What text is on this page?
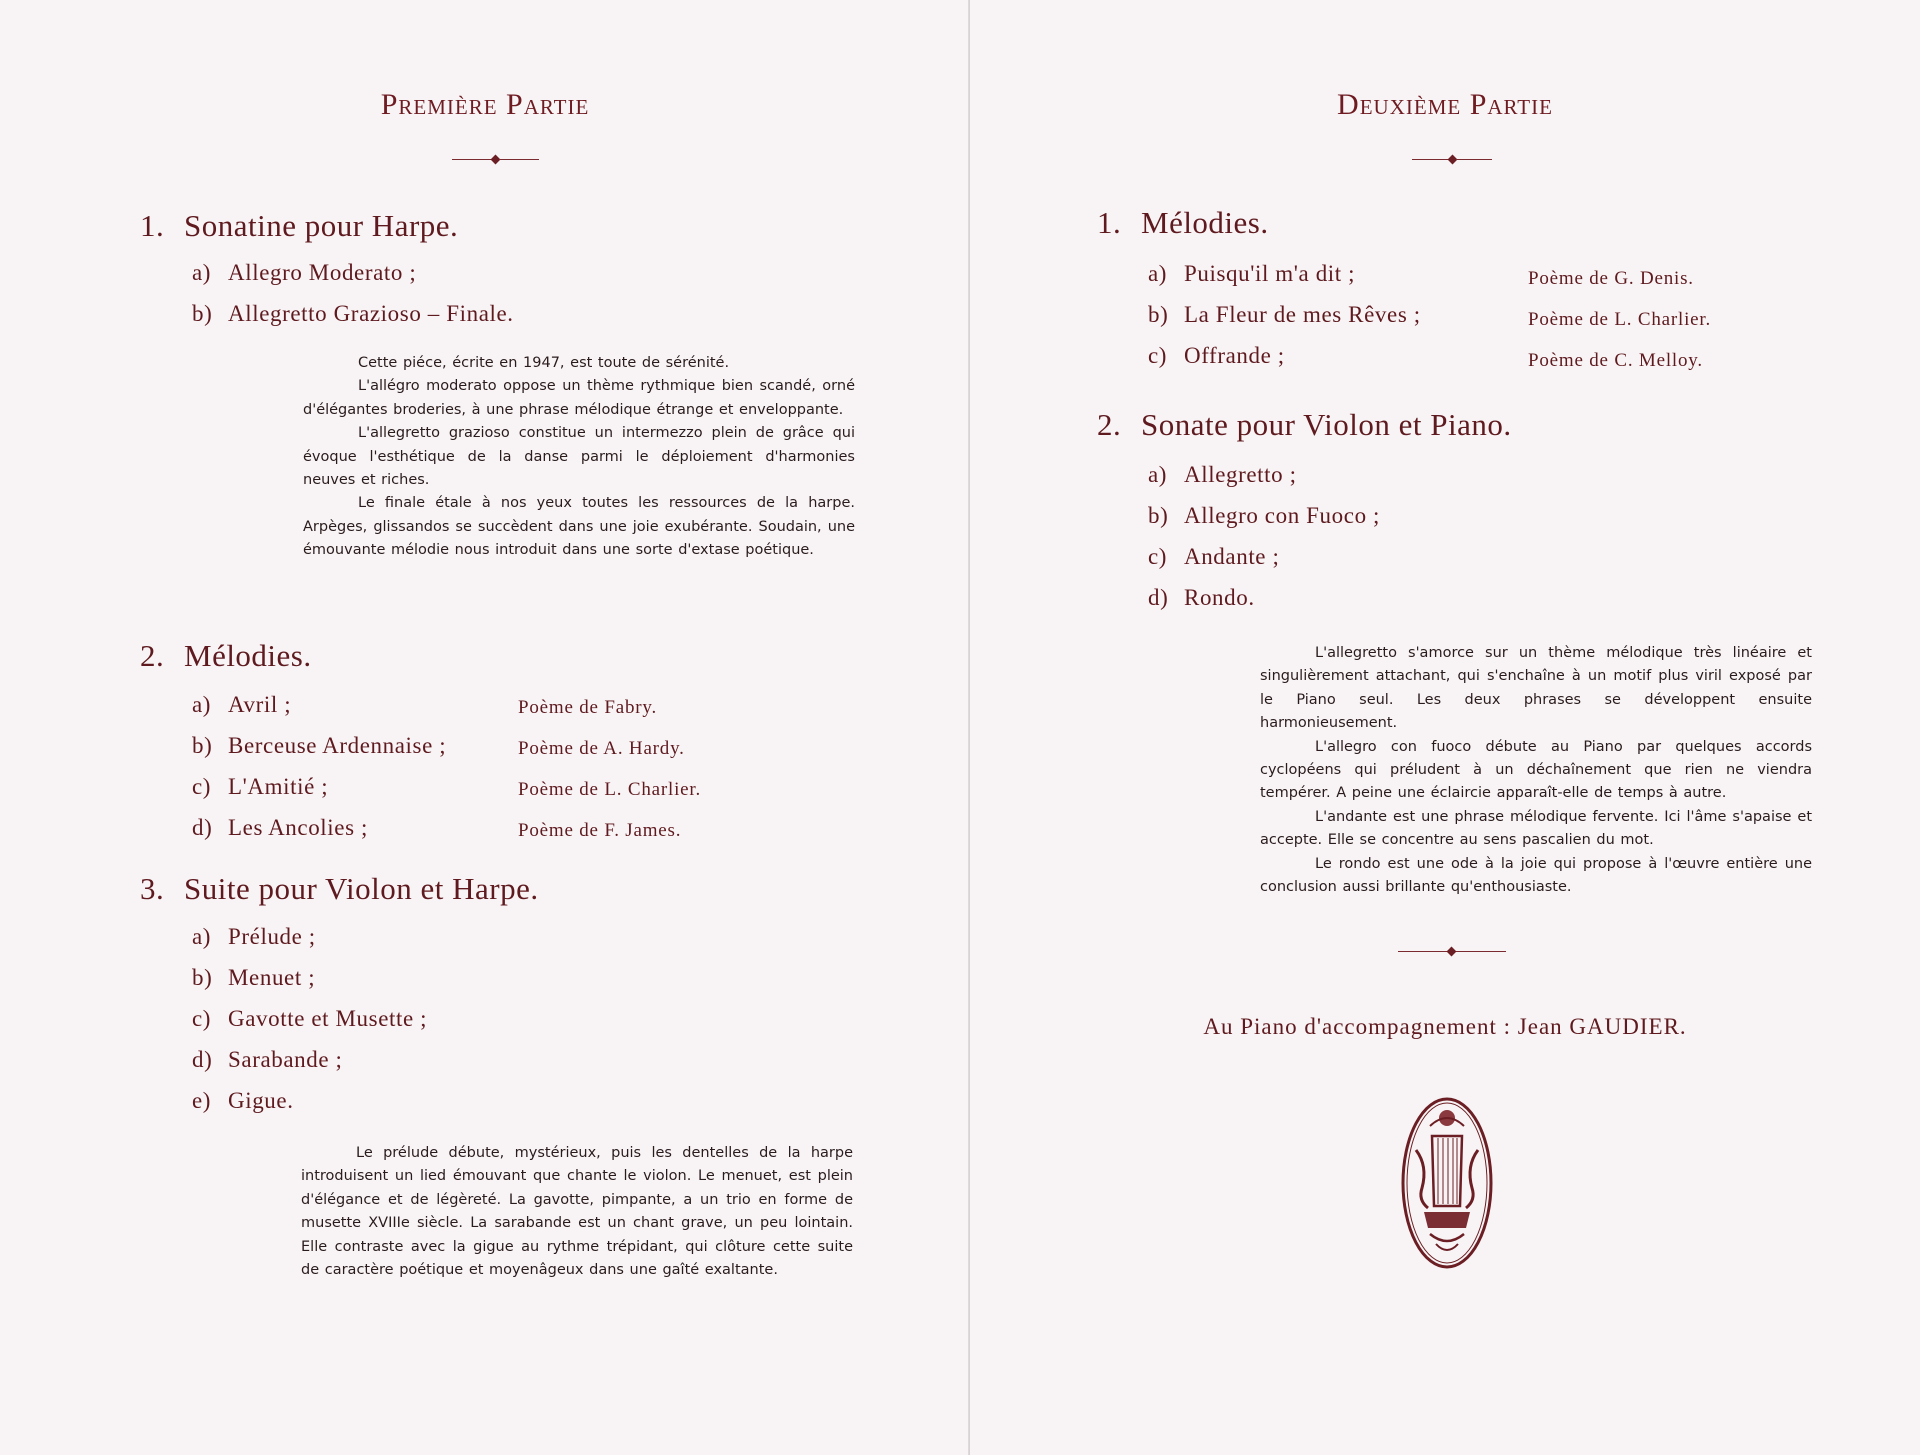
Première Partie
1. Sonatine pour Harpe.
a) Allegro Moderato ;
b) Allegretto Grazioso – Finale.

Cette piéce, écrite en 1947, est toute de sérénité.

L'allégro moderato oppose un thème rythmique bien scandé, orné d'élégantes broderies, à une phrase mélodique étrange et enveloppante.

L'allegretto grazioso constitue un intermezzo plein de grâce qui évoque l'esthétique de la danse parmi le déploiement d'harmonies neuves et riches.

Le finale étale à nos yeux toutes les ressources de la harpe. Arpèges, glissandos se succèdent dans une joie exubérante. Soudain, une émouvante mélodie nous introduit dans une sorte d'extase poétique.

2. Mélodies.
a) Avril ;	Poème de Fabry.
b) Berceuse Ardennaise ;	Poème de A. Hardy.
c) L'Amitié ;	Poème de L. Charlier.
d) Les Ancolies ;	Poème de F. James.
3. Suite pour Violon et Harpe.
a) Prélude ;
b) Menuet ;
c) Gavotte et Musette ;
d) Sarabande ;
e) Gigue.

Le prélude débute, mystérieux, puis les dentelles de la harpe introduisent un lied émouvant que chante le violon. Le menuet, est plein d'élégance et de légèreté. La gavotte, pimpante, a un trio en forme de musette XVIIIe siècle. La sarabande est un chant grave, un peu lointain. Elle contraste avec la gigue au rythme trépidant, qui clôture cette suite de caractère poétique et moyenâgeux dans une gaîté exaltante.

Deuxième Partie
1. Mélodies.
a) Puisqu'il m'a dit ;	Poème de G. Denis.
b) La Fleur de mes Rêves ;	Poème de L. Charlier.
c) Offrande ;	Poème de C. Melloy.
2. Sonate pour Violon et Piano.
a) Allegretto ;
b) Allegro con Fuoco ;
c) Andante ;
d) Rondo.

L'allegretto s'amorce sur un thème mélodique très linéaire et singulièrement attachant, qui s'enchaîne à un motif plus viril exposé par le Piano seul. Les deux phrases se développent ensuite harmonieusement.

L'allegro con fuoco débute au Piano par quelques accords cyclopéens qui préludent à un déchaînement que rien ne viendra tempérer. A peine une éclaircie apparaît-elle de temps à autre.

L'andante est une phrase mélodique fervente. Ici l'âme s'apaise et accepte. Elle se concentre au sens pascalien du mot.

Le rondo est une ode à la joie qui propose à l'œuvre entière une conclusion aussi brillante qu'enthousiaste.

Au Piano d'accompagnement : Jean GAUDIER.
